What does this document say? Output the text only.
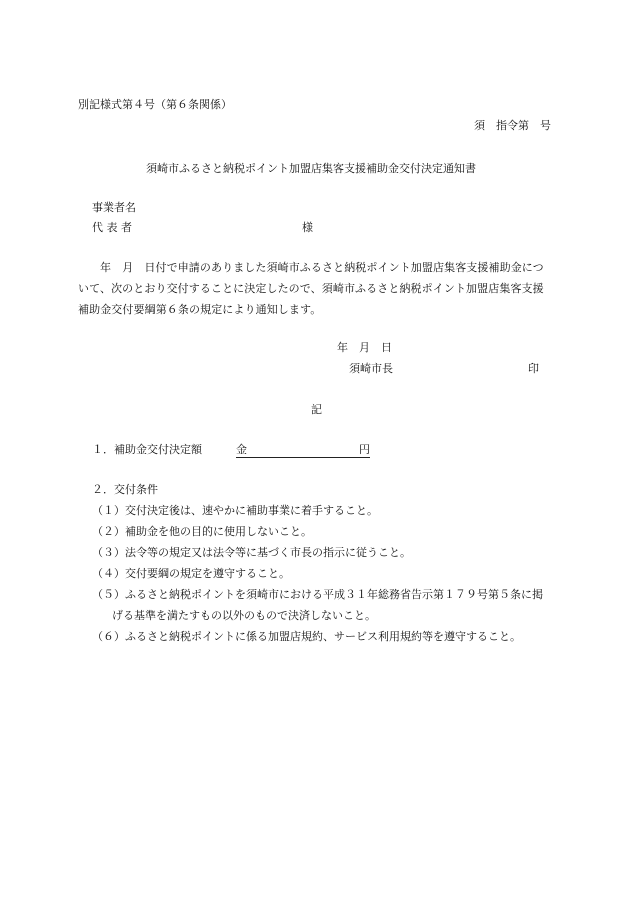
別記様式第４号（第６条関係）
須　指令第　号
須崎市ふるさと納税ポイント加盟店集客支援補助金交付決定通知書
事業者名
代 表 者	様
年　月　日付で申請のありました須崎市ふるさと納税ポイント加盟店集客支援補助金につ
いて、次のとおり交付することに決定したので、須崎市ふるさと納税ポイント加盟店集客支援
補助金交付要綱第６条の規定により通知します。
年　月　日
須崎市長	印
記
１．補助金交付決定額	金	円
２．交付条件
（１）交付決定後は、速やかに補助事業に着手すること。
（２）補助金を他の目的に使用しないこと。
（３）法令等の規定又は法令等に基づく市長の指示に従うこと。
（４）交付要綱の規定を遵守すること。
（５）ふるさと納税ポイントを須崎市における平成３１年総務省告示第１７９号第５条に掲
げる基準を満たすもの以外のもので決済しないこと。
（６）ふるさと納税ポイントに係る加盟店規約、サービス利用規約等を遵守すること。
